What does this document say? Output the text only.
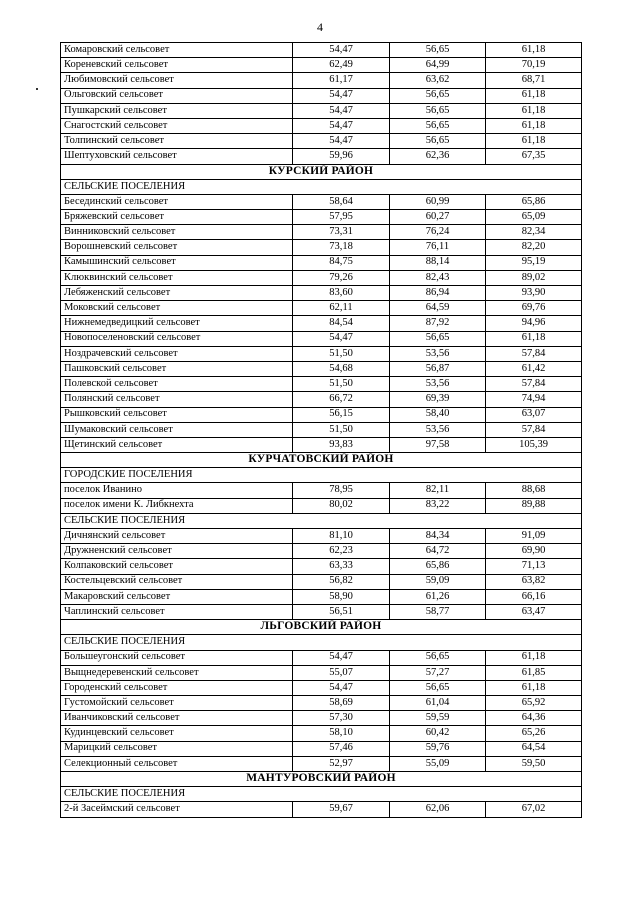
4
Комаровский сельсовет	54,47	56,65	61,18
Кореневский сельсовет	62,49	64,99	70,19
Любимовский сельсовет	61,17	63,62	68,71
Ольговский сельсовет	54,47	56,65	61,18
Пушкарский сельсовет	54,47	56,65	61,18
Снагостский сельсовет	54,47	56,65	61,18
Толпинский сельсовет	54,47	56,65	61,18
Шептуховский сельсовет	59,96	62,36	67,35
КУРСКИЙ РАЙОН			
СЕЛЬСКИЕ ПОСЕЛЕНИЯ			
Бесединский сельсовет	58,64	60,99	65,86
Бряжевский сельсовет	57,95	60,27	65,09
Винниковский сельсовет	73,31	76,24	82,34
Ворошневский сельсовет	73,18	76,11	82,20
Камышинский сельсовет	84,75	88,14	95,19
Клюквинский сельсовет	79,26	82,43	89,02
Лебяженский сельсовет	83,60	86,94	93,90
Моковский сельсовет	62,11	64,59	69,76
Нижнемедведицкий сельсовет	84,54	87,92	94,96
Новопоселеновский сельсовет	54,47	56,65	61,18
Ноздрачевский сельсовет	51,50	53,56	57,84
Пашковский сельсовет	54,68	56,87	61,42
Полевской сельсовет	51,50	53,56	57,84
Полянский сельсовет	66,72	69,39	74,94
Рышковский сельсовет	56,15	58,40	63,07
Шумаковский сельсовет	51,50	53,56	57,84
Щетинский сельсовет	93,83	97,58	105,39
КУРЧАТОВСКИЙ РАЙОН			
ГОРОДСКИЕ ПОСЕЛЕНИЯ			
поселок Иванино	78,95	82,11	88,68
поселок имени К. Либкнехта	80,02	83,22	89,88
СЕЛЬСКИЕ ПОСЕЛЕНИЯ			
Дичнянский сельсовет	81,10	84,34	91,09
Дружненский сельсовет	62,23	64,72	69,90
Колпаковский сельсовет	63,33	65,86	71,13
Костельцевский сельсовет	56,82	59,09	63,82
Макаровский сельсовет	58,90	61,26	66,16
Чаплинский сельсовет	56,51	58,77	63,47
ЛЬГОВСКИЙ РАЙОН			
СЕЛЬСКИЕ ПОСЕЛЕНИЯ			
Большеугонский сельсовет	54,47	56,65	61,18
Выщнедеревенский сельсовет	55,07	57,27	61,85
Городенский сельсовет	54,47	56,65	61,18
Густомойский сельсовет	58,69	61,04	65,92
Иванчиковский сельсовет	57,30	59,59	64,36
Кудинцевский сельсовет	58,10	60,42	65,26
Марицкий сельсовет	57,46	59,76	64,54
Селекционный сельсовет	52,97	55,09	59,50
МАНТУРОВСКИЙ РАЙОН			
СЕЛЬСКИЕ ПОСЕЛЕНИЯ			
2-й Засеймский сельсовет	59,67	62,06	67,02
